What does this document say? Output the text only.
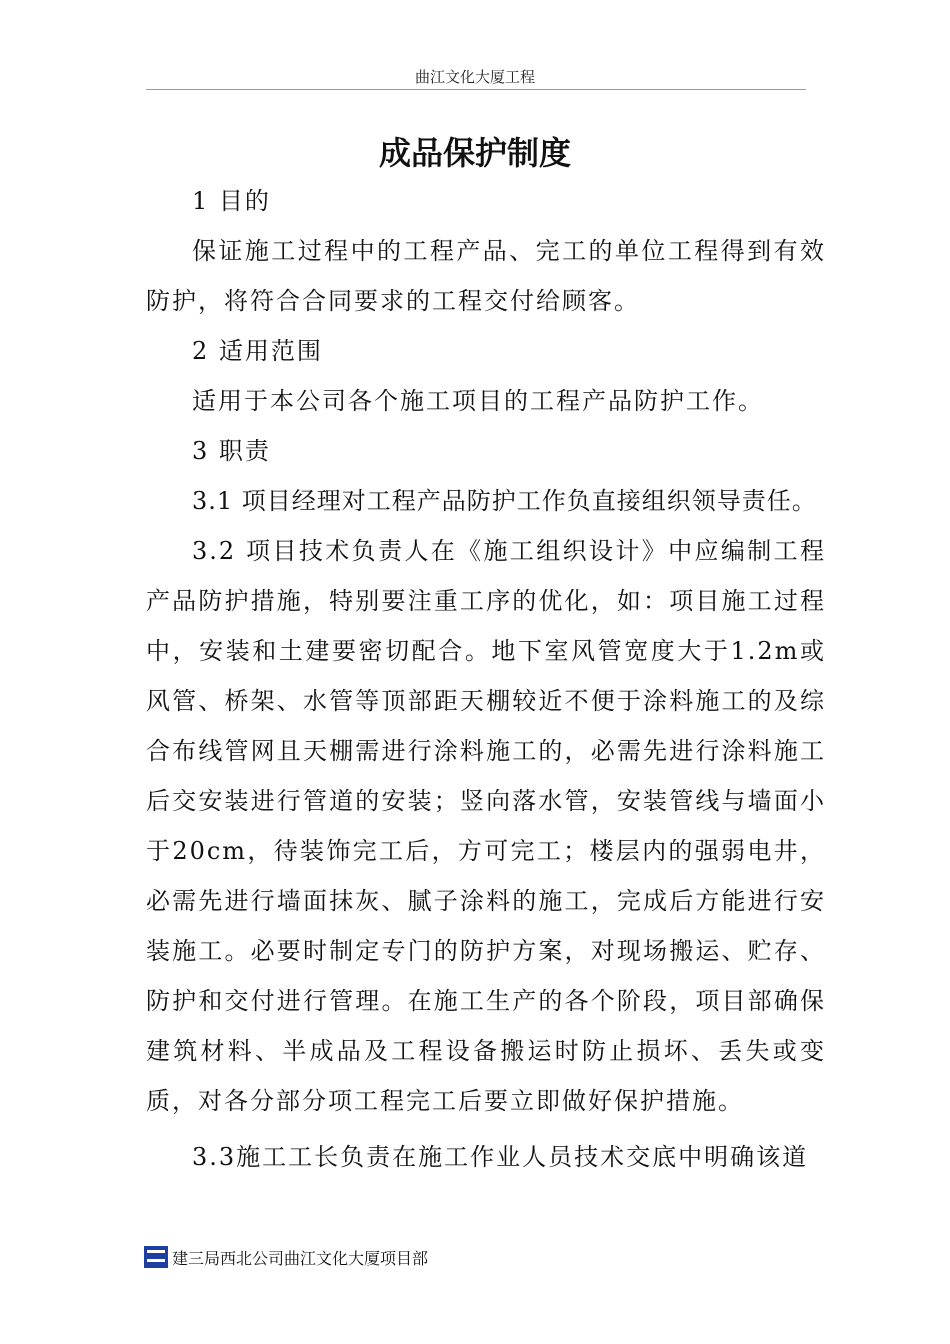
曲江文化大厦工程
成品保护制度

1 目的

保证施工过程中的工程产品、完工的单位工程得到有效防护，将符合合同要求的工程交付给顾客。

2 适用范围

适用于本公司各个施工项目的工程产品防护工作。

3 职责

3.1 项目经理对工程产品防护工作负直接组织领导责任。

3.2 项目技术负责人在《施工组织设计》中应编制工程产品防护措施，特别要注重工序的优化，如：项目施工过程中，安装和土建要密切配合。地下室风管宽度大于1.2m或风管、桥架、水管等顶部距天棚较近不便于涂料施工的及综合布线管网且天棚需进行涂料施工的，必需先进行涂料施工后交安装进行管道的安装；竖向落水管，安装管线与墙面小于20cm，待装饰完工后，方可完工；楼层内的强弱电井，必需先进行墙面抹灰、腻子涂料的施工，完成后方能进行安装施工。必要时制定专门的防护方案，对现场搬运、贮存、防护和交付进行管理。在施工生产的各个阶段，项目部确保建筑材料、半成品及工程设备搬运时防止损坏、丢失或变质，对各分部分项工程完工后要立即做好保护措施。

3.3施工工长负责在施工作业人员技术交底中明确该道

建三局西北公司曲江文化大厦项目部
